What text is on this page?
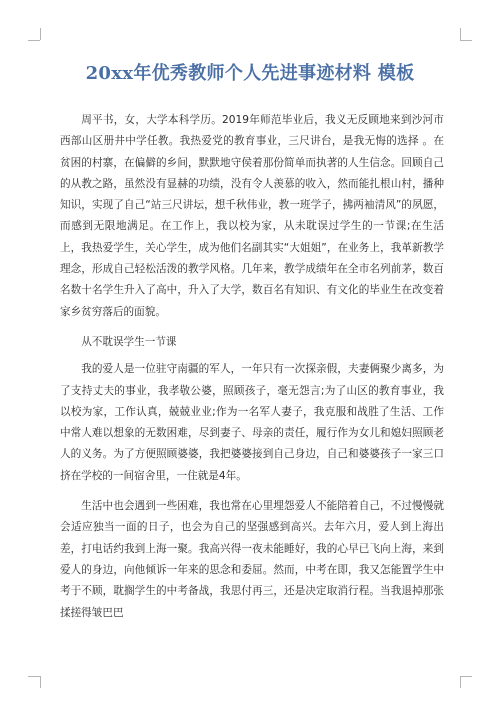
20xx年优秀教师个人先进事迹材料 模板

周平书，女，大学本科学历。2019年师范毕业后，我义无反顾地来到沙河市西部山区册井中学任教。我热爱党的教育事业，三尺讲台，是我无悔的选择 。在贫困的村寨，在偏僻的乡间，默默地守侯着那份简单而执著的人生信念。回顾自己的从教之路，虽然没有显赫的功绩，没有令人羡慕的收入，然而能扎根山村，播种知识，实现了自己“站三尺讲坛，想千秋伟业，教一班学子，拂两袖清风”的夙愿，而感到无限地满足。在工作上，我以校为家，从未耽误过学生的一节课;在生活上，我热爱学生，关心学生，成为他们名副其实“大姐姐”，在业务上，我革新教学理念，形成自己轻松活泼的教学风格。几年来，教学成绩年在全市名列前茅，数百名数十名学生升入了高中，升入了大学，数百名有知识、有文化的毕业生在改变着家乡贫穷落后的面貌。

从不耽误学生一节课

我的爱人是一位驻守南疆的军人，一年只有一次探亲假，夫妻俩聚少离多，为了支持丈夫的事业，我孝敬公婆，照顾孩子，毫无怨言;为了山区的教育事业，我以校为家，工作认真，兢兢业业;作为一名军人妻子，我克服和战胜了生活、工作中常人难以想象的无数困难，尽到妻子、母亲的责任，履行作为女儿和媳妇照顾老人的义务。为了方便照顾婆婆，我把婆婆接到自己身边，自己和婆婆孩子一家三口挤在学校的一间宿舍里，一住就是4年。

生活中也会遇到一些困难，我也常在心里埋怨爱人不能陪着自己，不过慢慢就会适应独当一面的日子，也会为自己的坚强感到高兴。去年六月，爱人到上海出差，打电话约我到上海一聚。我高兴得一夜未能睡好，我的心早已飞向上海，来到爱人的身边，向他倾诉一年来的思念和委屈。然而，中考在即，我又怎能置学生中考于不顾，耽搁学生的中考备战，我思付再三，还是决定取消行程。当我退掉那张揉搓得皱巴巴
